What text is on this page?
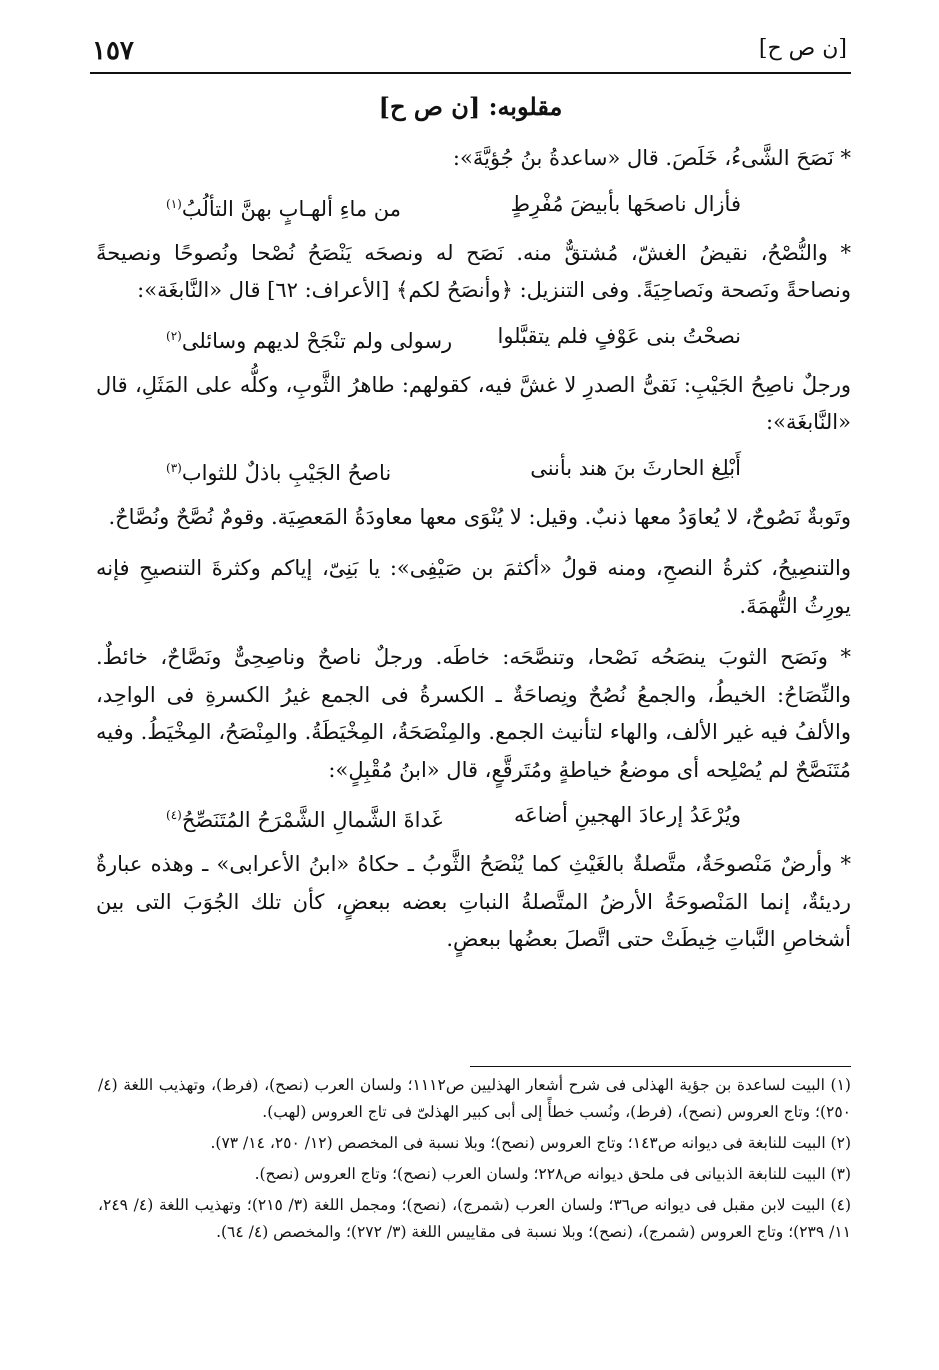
[ن ص ح]
١٥٧
مقلوبه: [ن ص ح]

* نَصَحَ الشَّىءُ، خَلَصَ. قال «ساعدةُ بنُ جُؤيَّةَ»:

فأزال ناصحَها بأبيضَ مُفْرِطٍ
من ماءِ ألهـابٍ بهنَّ التألُبُ$^{(١)}$

* والنُّصْحُ، نقيضُ الغشّ، مُشتقٌّ منه. نَصَح له ونصحَه يَنْصَحُ نُصْحا ونُصوحًا ونصيحةً ونصاحةً ونَصحة ونَصاحِيَةً. وفى التنزيل: ﴿وأنصَحُ لكم﴾ [الأعراف: ٦٢] قال «النَّابغَة»:

نصحْتُ بنى عَوْفٍ فلم يتقبَّلوا
رسولى ولم تنْجَحْ لديهم وسائلى$^{(٢)}$

ورجلٌ ناصِحُ الجَيْبِ: نَقىُّ الصدرِ لا غشَّ فيه، كقولهم: طاهرُ الثَّوبِ، وكلُّه على المَثَلِ، قال «النَّابغَة»:

أَبْلِغ الحارثَ بنَ هند بأننى
ناصحُ الجَيْبِ باذلٌ للثواب$^{(٣)}$

وتَوبةٌ نَصُوحٌ، لا يُعاوَدُ معها ذنبٌ. وقيل: لا يُنْوَى معها معاودَةُ المَعصِيَة. وقومٌ نُصَّحٌ ونُصَّاحٌ.

والتنصِيحُ، كثرةُ النصحِ، ومنه قولُ «أكثمَ بن صَيْفِى»: يا بَنِىّ، إياكم وكثرةَ التنصيحِ فإنه يورِثُ التُّهمَةَ.

* ونَصَح الثوبَ ينصَحُه نَصْحا، وتنصَّحَه: خاطَه. ورجلٌ ناصحٌ وناصِحِىٌّ ونَصَّاحٌ، خائطٌ. والنِّصَاحُ: الخيطُ، والجمعُ نُصُحٌ ونِصاحَةٌ ـ الكسرةُ فى الجمع غيرُ الكسرةِ فى الواحِد، والألفُ فيه غير الألف، والهاء لتأنيث الجمع. والمِنْصَحَةُ، المِخْيَطَةُ. والمِنْصَحُ، المِخْيَطُ. وفيه مُتَنَصَّحٌ لم يُصْلِحه أى موضعُ خياطةٍ ومُتَرقَّعٍ، قال «ابنُ مُقْبِلٍ»:

ويُرْعَدُ إرعادَ الهجينِ أضاعَه
غَداةَ الشَّمالِ الشَّمْرَحُ المُتَنَصِّحُ$^{(٤)}$

* وأرضٌ مَنْصوحَةٌ، متَّصلةٌ بالغَيْثِ كما يُنْصَحُ الثَّوبُ ـ حكاهُ «ابنُ الأعرابى» ـ وهذه عبارةٌ رديئةٌ، إنما المَنْصوحَةُ الأرضُ المتَّصلةُ النباتِ بعضه ببعضٍ، كأن تلك الجُوَبَ التى بين أشخاصِ النَّباتِ خِيطَتْ حتى اتَّصلَ بعضُها ببعضٍ.

(١) البيت لساعدة بن جؤية الهذلى فى شرح أشعار الهذليين ص١١١٢؛ ولسان العرب (نصح)، (فرط)، وتهذيب اللغة (٤/ ٢٥٠)؛ وتاج العروس (نصح)، (فرط)، ونُسب خطأً إلى أبى كبير الهذلىّ فى تاج العروس (لهب).

(٢) البيت للنابغة فى ديوانه ص١٤٣؛ وتاج العروس (نصح)؛ وبلا نسبة فى المخصص (١٢/ ٢٥٠، ١٤/ ٧٣).

(٣) البيت للنابغة الذبيانى فى ملحق ديوانه ص٢٢٨؛ ولسان العرب (نصح)؛ وتاج العروس (نصح).

(٤) البيت لابن مقبل فى ديوانه ص٣٦؛ ولسان العرب (شمرج)، (نصح)؛ ومجمل اللغة (٣/ ٢١٥)؛ وتهذيب اللغة (٤/ ٢٤٩، ١١/ ٢٣٩)؛ وتاج العروس (شمرج)، (نصح)؛ وبلا نسبة فى مقاييس اللغة (٣/ ٢٧٢)؛ والمخصص (٤/ ٦٤).
